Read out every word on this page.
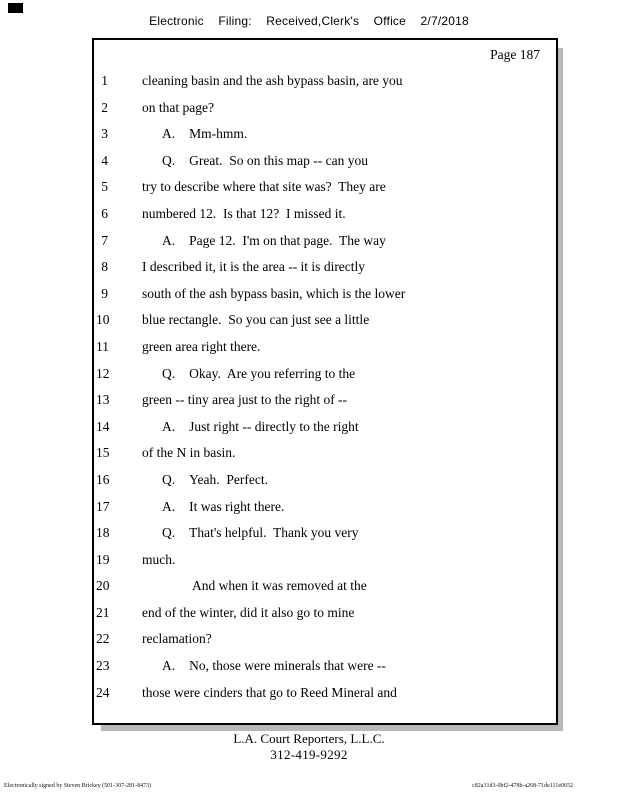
Electronic Filing: Received,Clerk's Office 2/7/2018
Page 187
1	cleaning basin and the ash bypass basin, are you
2	on that page?
3	A. Mm-hmm.
4	Q. Great.  So on this map -- can you
5	try to describe where that site was?  They are
6	numbered 12.  Is that 12?  I missed it.
7	A. Page 12.  I'm on that page.  The way
8	I described it, it is the area -- it is directly
9	south of the ash bypass basin, which is the lower
10 blue rectangle.  So you can just see a little
11 green area right there.
12	Q. Okay.  Are you referring to the
13 green -- tiny area just to the right of --
14	A. Just right -- directly to the right
15 of the N in basin.
16	Q. Yeah.  Perfect.
17	A. It was right there.
18	Q. That's helpful.  Thank you very
19 much.
20	And when it was removed at the
21 end of the winter, did it also go to mine
22 reclamation?
23	A. No, those were minerals that were --
24 those were cinders that go to Reed Mineral and
L.A. Court Reporters, L.L.C.
312-419-9292
Electronically signed by Steven Brickey (501-307-281-8473)	c82a31d3-0bf2-478b-a268-71de111e0652
